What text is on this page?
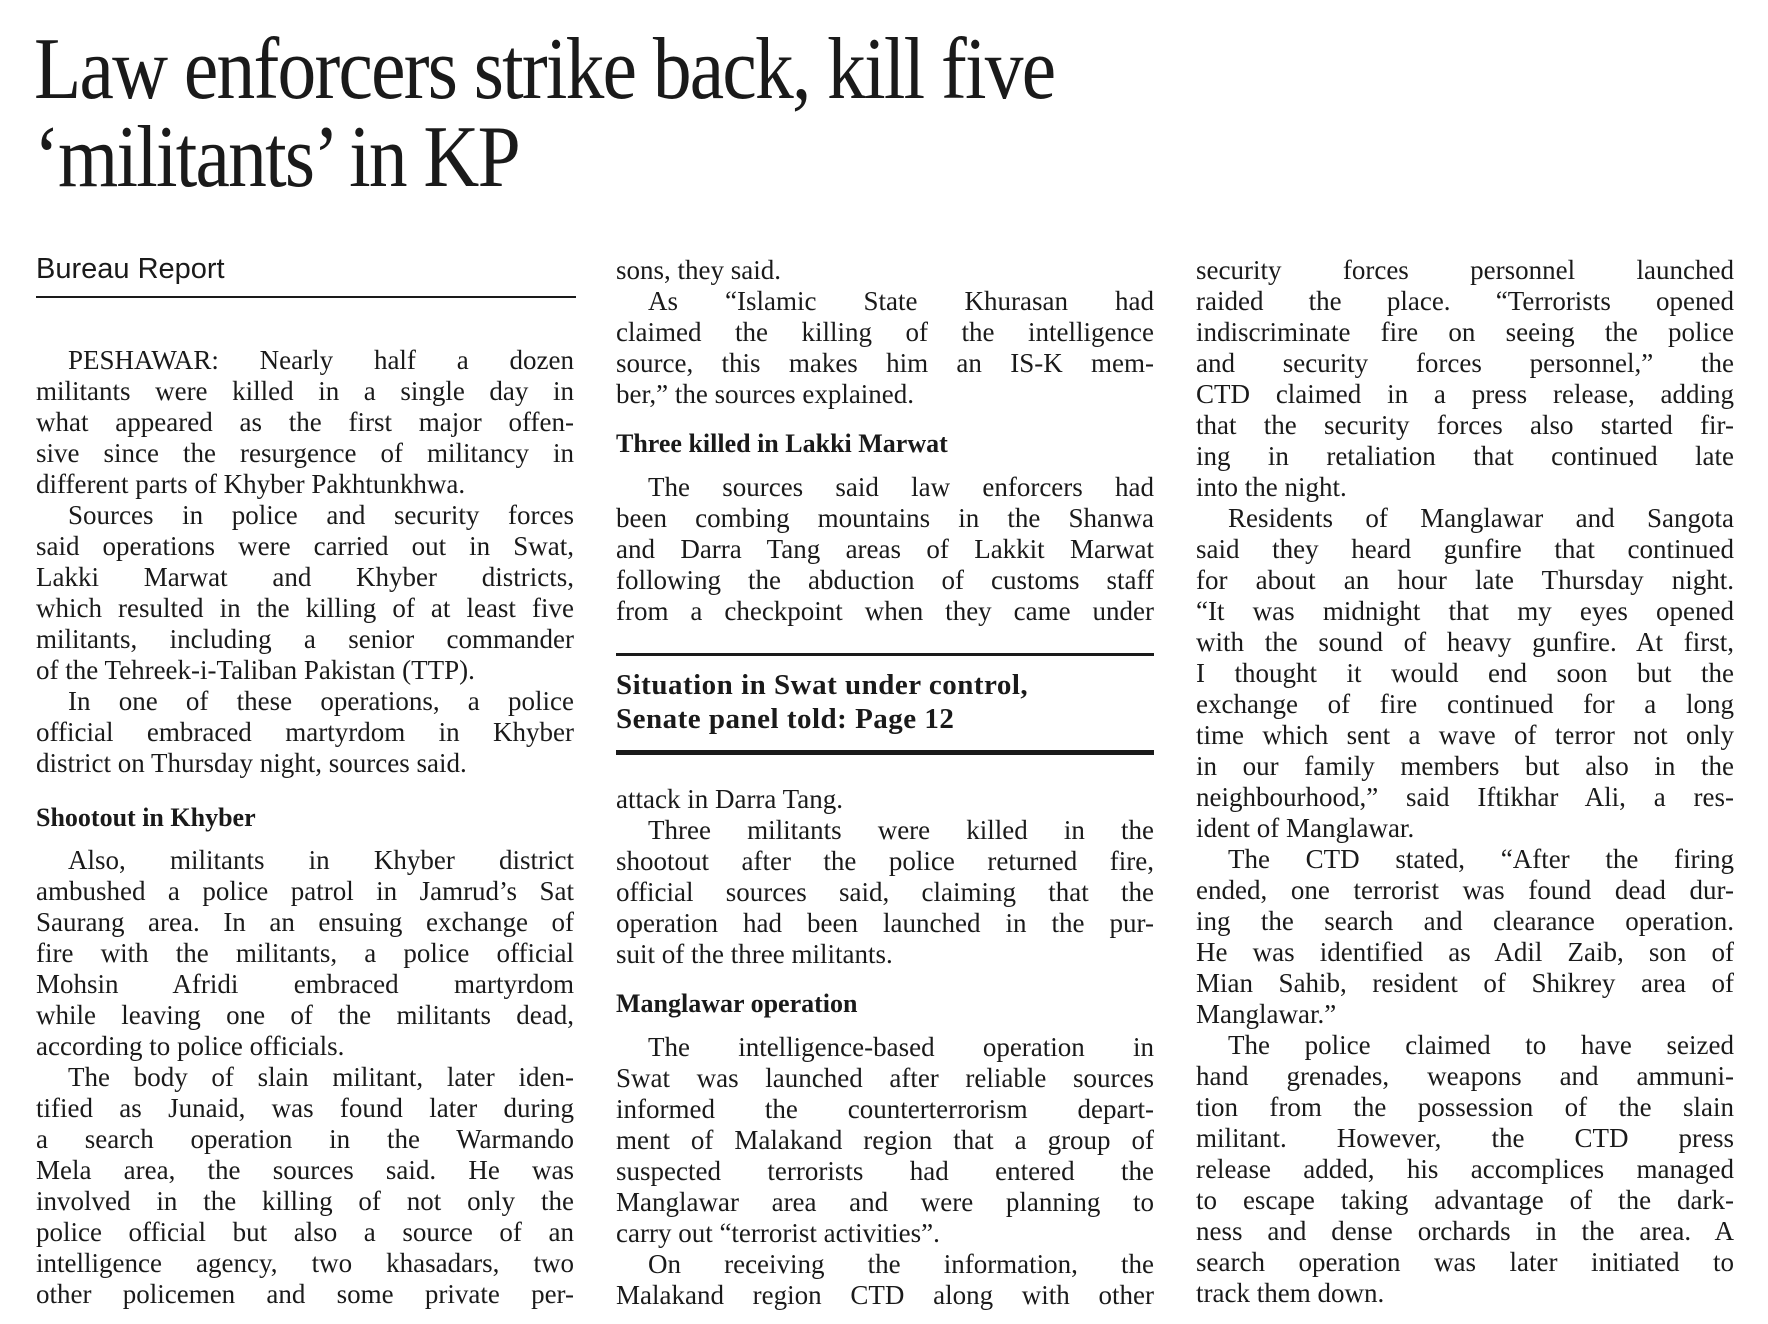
Law enforcers strike back, kill five
‘militants’ in KP
Bureau Report
PESHAWAR: Nearly half a dozen
militants were killed in a single day in
what appeared as the first major offen-
sive since the resurgence of militancy in
different parts of Khyber Pakhtunkhwa.
Sources in police and security forces
said operations were carried out in Swat,
Lakki Marwat and Khyber districts,
which resulted in the killing of at least five
militants, including a senior commander
of the Tehreek-i-Taliban Pakistan (TTP).
In one of these operations, a police
official embraced martyrdom in Khyber
district on Thursday night, sources said.
Shootout in Khyber
Also, militants in Khyber district
ambushed a police patrol in Jamrud’s Sat
Saurang area. In an ensuing exchange of
fire with the militants, a police official
Mohsin Afridi embraced martyrdom
while leaving one of the militants dead,
according to police officials.
The body of slain militant, later iden-
tified as Junaid, was found later during
a search operation in the Warmando
Mela area, the sources said. He was
involved in the killing of not only the
police official but also a source of an
intelligence agency, two khasadars, two
other policemen and some private per-
sons, they said.
As “Islamic State Khurasan had
claimed the killing of the intelligence
source, this makes him an IS-K mem-
ber,” the sources explained.
Three killed in Lakki Marwat
The sources said law enforcers had
been combing mountains in the Shanwa
and Darra Tang areas of Lakkit Marwat
following the abduction of customs staff
from a checkpoint when they came under
attack in Darra Tang.
Three militants were killed in the
shootout after the police returned fire,
official sources said, claiming that the
operation had been launched in the pur-
suit of the three militants.
Manglawar operation
The intelligence-based operation in
Swat was launched after reliable sources
informed the counterterrorism depart-
ment of Malakand region that a group of
suspected terrorists had entered the
Manglawar area and were planning to
carry out “terrorist activities”.
On receiving the information, the
Malakand region CTD along with other
security forces personnel launched
raided the place. “Terrorists opened
indiscriminate fire on seeing the police
and security forces personnel,” the
CTD claimed in a press release, adding
that the security forces also started fir-
ing in retaliation that continued late
into the night.
Residents of Manglawar and Sangota
said they heard gunfire that continued
for about an hour late Thursday night.
“It was midnight that my eyes opened
with the sound of heavy gunfire. At first,
I thought it would end soon but the
exchange of fire continued for a long
time which sent a wave of terror not only
in our family members but also in the
neighbourhood,” said Iftikhar Ali, a res-
ident of Manglawar.
The CTD stated, “After the firing
ended, one terrorist was found dead dur-
ing the search and clearance operation.
He was identified as Adil Zaib, son of
Mian Sahib, resident of Shikrey area of
Manglawar.”
The police claimed to have seized
hand grenades, weapons and ammuni-
tion from the possession of the slain
militant. However, the CTD press
release added, his accomplices managed
to escape taking advantage of the dark-
ness and dense orchards in the area. A
search operation was later initiated to
track them down.
Situation in Swat under control,
Senate panel told: Page 12
